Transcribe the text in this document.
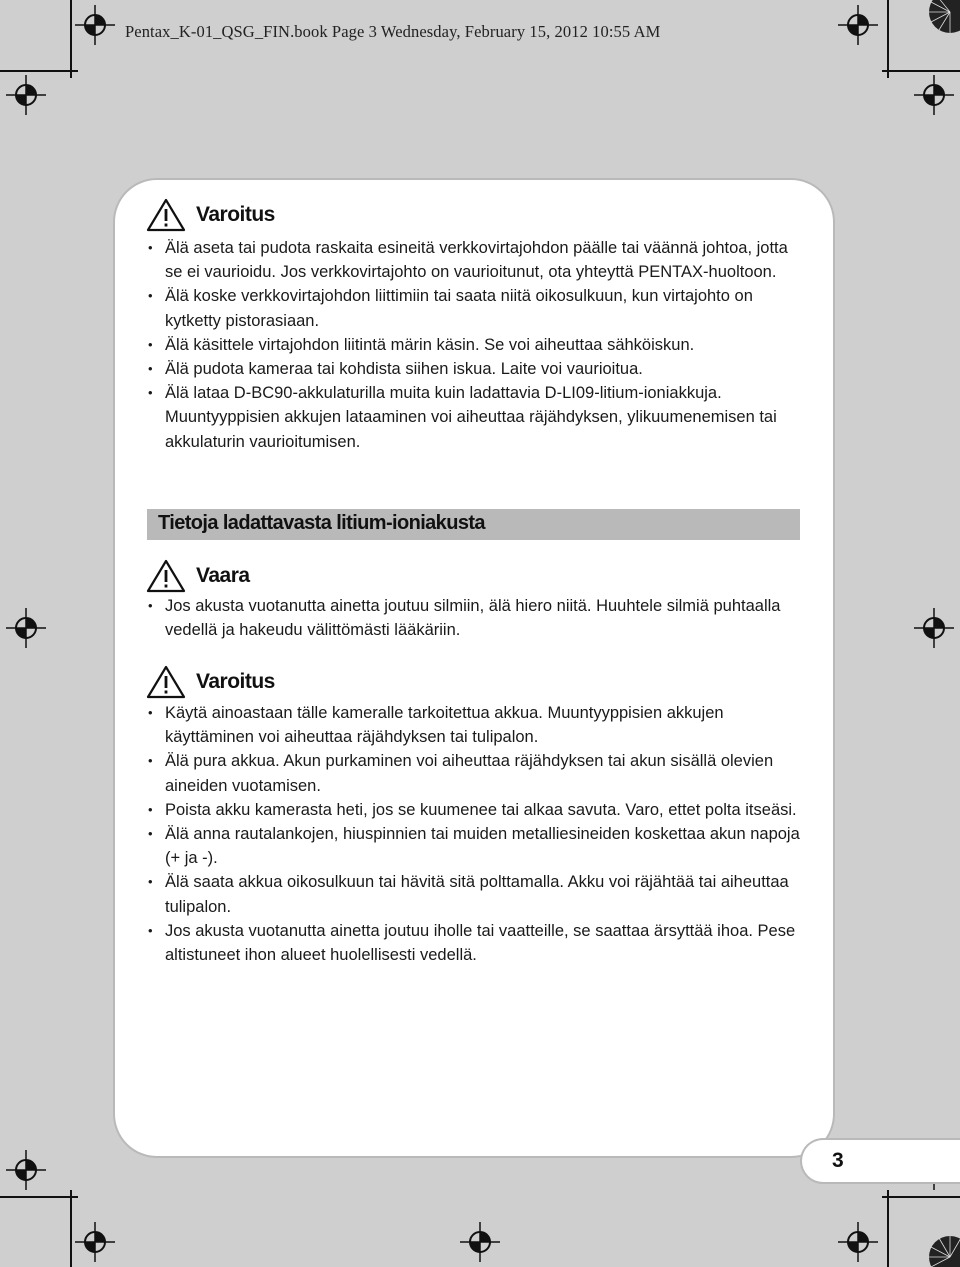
Pentax_K-01_QSG_FIN.book Page 3 Wednesday, February 15, 2012 10:55 AM
Varoitus
• Älä aseta tai pudota raskaita esineitä verkkovirtajohdon päälle tai väännä johtoa, jotta se ei vaurioidu. Jos verkkovirtajohto on vaurioitunut, ota yhteyttä PENTAX-huoltoon.
• Älä koske verkkovirtajohdon liittimiin tai saata niitä oikosulkuun, kun virtajohto on kytketty pistorasiaan.
• Älä käsittele virtajohdon liitintä märin käsin. Se voi aiheuttaa sähköiskun.
• Älä pudota kameraa tai kohdista siihen iskua. Laite voi vaurioitua.
• Älä lataa D-BC90-akkulaturilla muita kuin ladattavia D-LI09-litium-ioniakkuja. Muuntyyppisien akkujen lataaminen voi aiheuttaa räjähdyksen, ylikuumenemisen tai akkulaturin vaurioitumisen.
Tietoja ladattavasta litium-ioniakusta
Vaara
• Jos akusta vuotanutta ainetta joutuu silmiin, älä hiero niitä. Huuhtele silmiä puhtaalla vedellä ja hakeudu välittömästi lääkäriin.
Varoitus
• Käytä ainoastaan tälle kameralle tarkoitettua akkua. Muuntyyppisien akkujen käyttäminen voi aiheuttaa räjähdyksen tai tulipalon.
• Älä pura akkua. Akun purkaminen voi aiheuttaa räjähdyksen tai akun sisällä olevien aineiden vuotamisen.
• Poista akku kamerasta heti, jos se kuumenee tai alkaa savuta. Varo, ettet polta itseäsi.
• Älä anna rautalankojen, hiuspinnien tai muiden metalliesineiden koskettaa akun napoja (+ ja -).
• Älä saata akkua oikosulkuun tai hävitä sitä polttamalla. Akku voi räjähtää tai aiheuttaa tulipalon.
• Jos akusta vuotanutta ainetta joutuu iholle tai vaatteille, se saattaa ärsyttää ihoa. Pese altistuneet ihon alueet huolellisesti vedellä.
3
